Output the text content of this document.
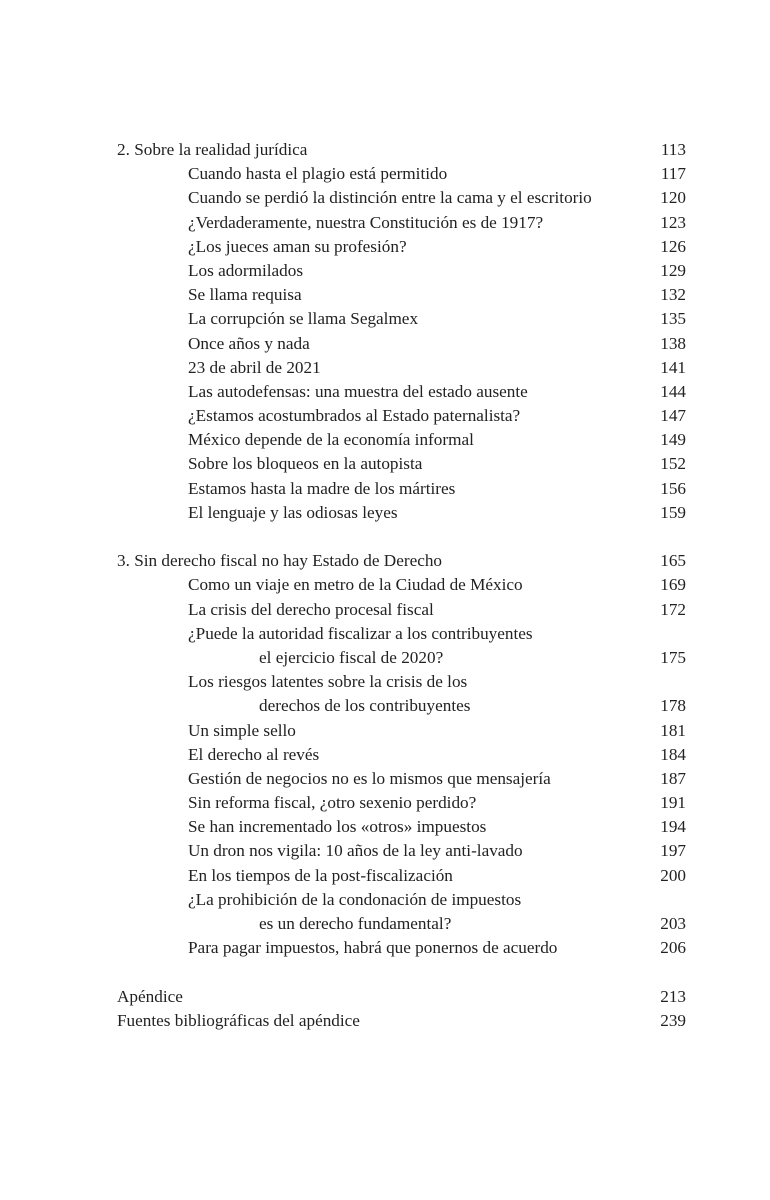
2. Sobre la realidad jurídica	113
Cuando hasta el plagio está permitido	117
Cuando se perdió la distinción entre la cama y el escritorio	120
¿Verdaderamente, nuestra Constitución es de 1917?	123
¿Los jueces aman su profesión?	126
Los adormilados	129
Se llama requisa	132
La corrupción se llama Segalmex	135
Once años y nada	138
23 de abril de 2021	141
Las autodefensas: una muestra del estado ausente	144
¿Estamos acostumbrados al Estado paternalista?	147
México depende de la economía informal	149
Sobre los bloqueos en la autopista	152
Estamos hasta la madre de los mártires	156
El lenguaje y las odiosas leyes	159
3. Sin derecho fiscal no hay Estado de Derecho	165
Como un viaje en metro de la Ciudad de México	169
La crisis del derecho procesal fiscal	172
¿Puede la autoridad fiscalizar a los contribuyentes
el ejercicio fiscal de 2020?	175
Los riesgos latentes sobre la crisis de los
derechos de los contribuyentes	178
Un simple sello	181
El derecho al revés	184
Gestión de negocios no es lo mismos que mensajería	187
Sin reforma fiscal, ¿otro sexenio perdido?	191
Se han incrementado los «otros» impuestos	194
Un dron nos vigila: 10 años de la ley anti-lavado	197
En los tiempos de la post-fiscalización	200
¿La prohibición de la condonación de impuestos
es un derecho fundamental?	203
Para pagar impuestos, habrá que ponernos de acuerdo	206
Apéndice	213
Fuentes bibliográficas del apéndice	239
